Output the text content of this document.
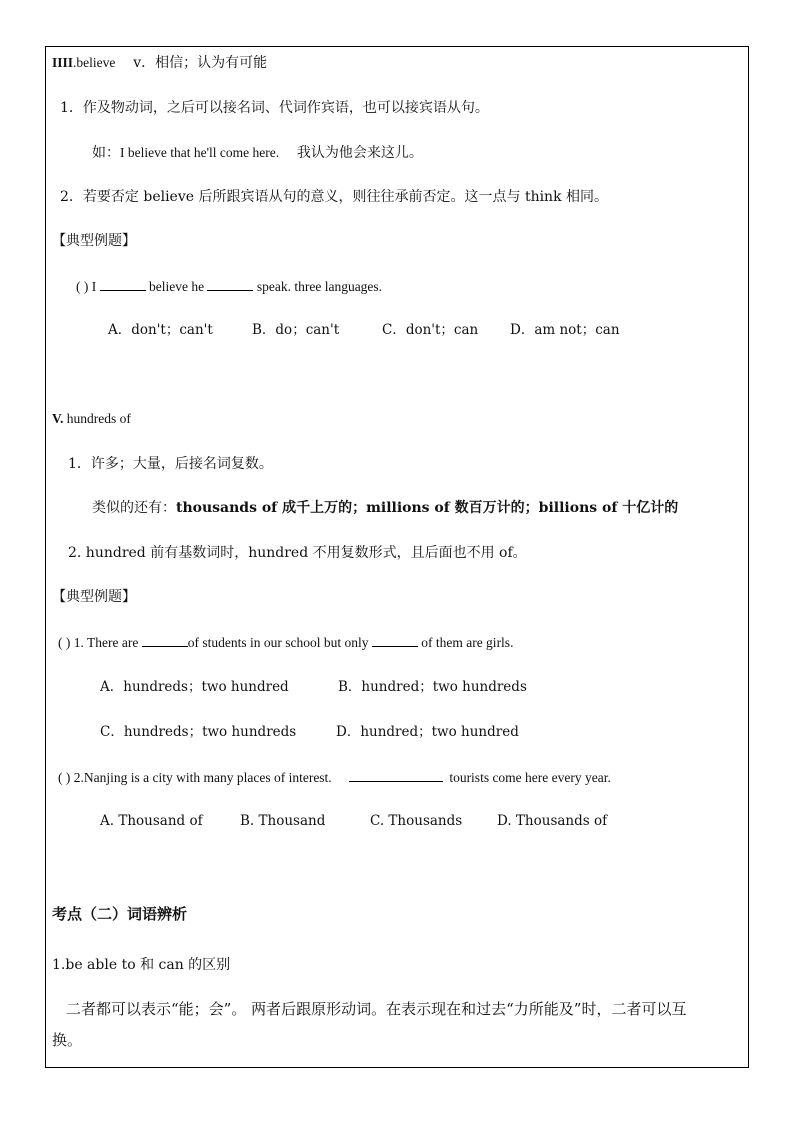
IIII.believe v．相信；认为有可能
1．作及物动词，之后可以接名词、代词作宾语，也可以接宾语从句。
如：I believe that he'll come here. 我认为他会来这儿。
2．若要否定 believe 后所跟宾语从句的意义，则往往承前否定。这一点与 think 相同。
【典型例题】
( ) I	believe he	speak. three languages.
A．don't；can't	B．do；can't	C．don't；can D．am not；can
V. hundreds of
1．许多；大量，后接名词复数。
类似的还有：thousands of 成千上万的；millions of 数百万计的；billions of 十亿计的
2. hundred 前有基数词时，hundred 不用复数形式，且后面也不用 of。
【典型例题】
( ) 1. There are	of students in our school but only	of them are girls.
A．hundreds；two hundred	B．hundred；two hundreds
C．hundreds；two hundreds	D．hundred；two hundred
( ) 2.Nanjing is a city with many places of interest.	tourists come here every year.
A. Thousand of	B. Thousand	C. Thousands	D. Thousands of
考点（二）词语辨析
1.be able to 和 can 的区别
二者都可以表示“能；会”。 两者后跟原形动词。在表示现在和过去“力所能及”时，二者可以互
换。
